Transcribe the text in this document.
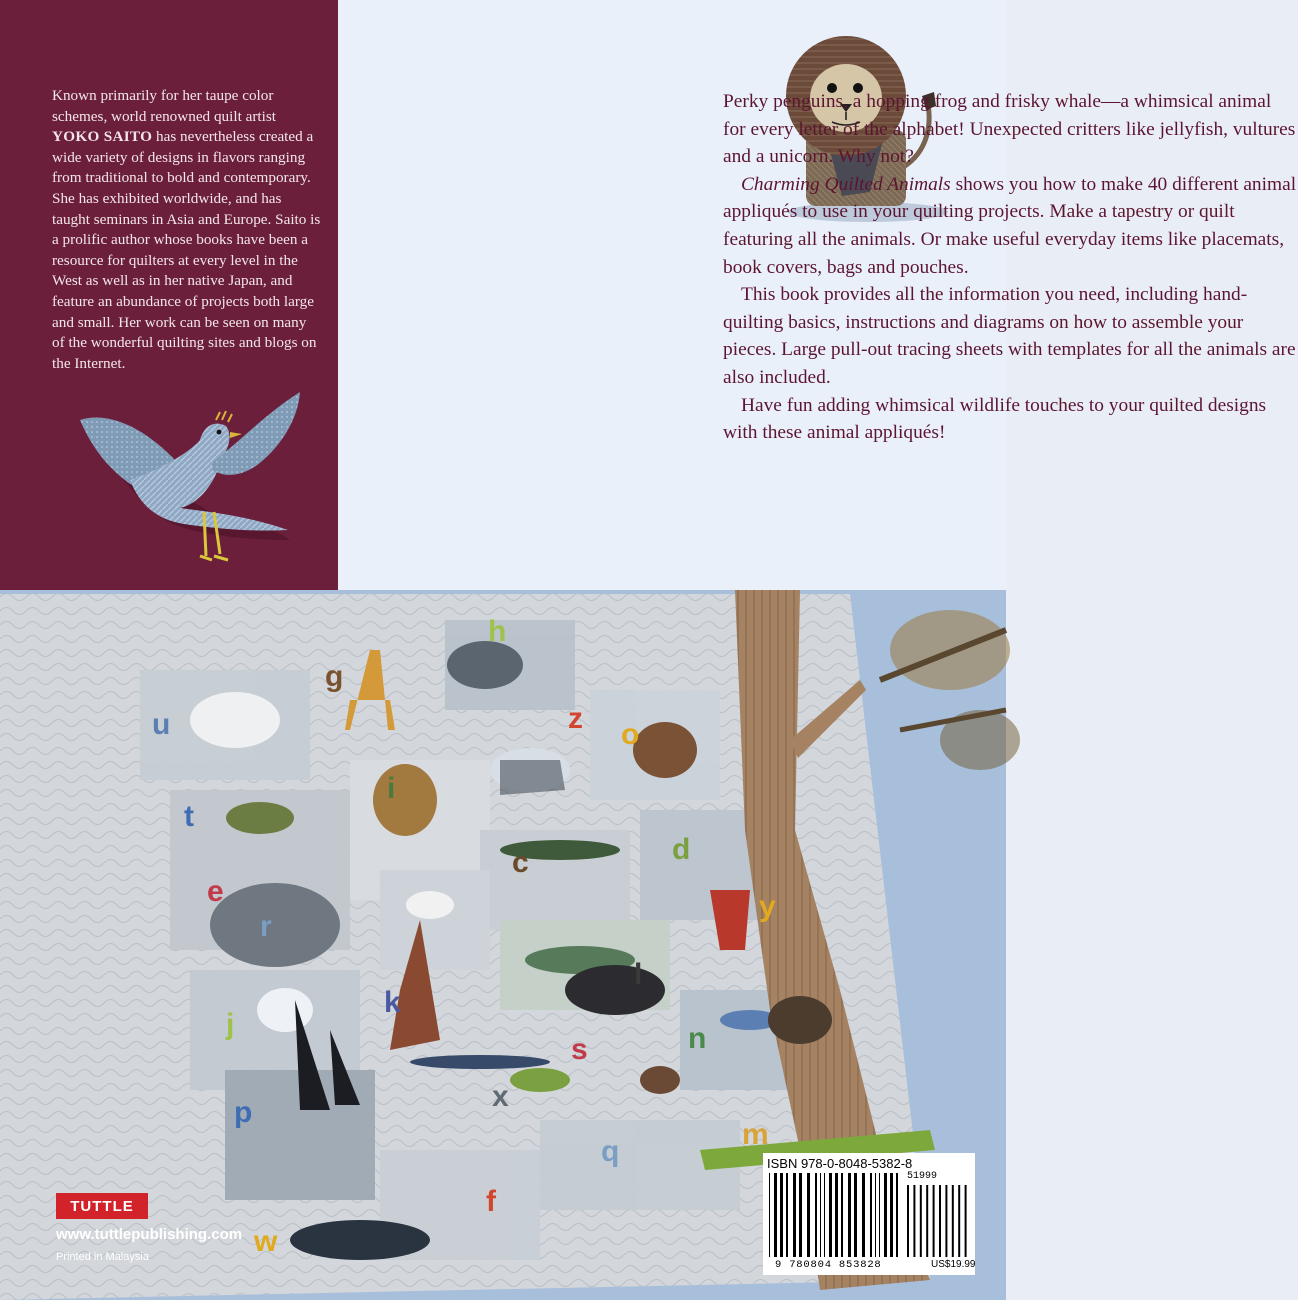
Known primarily for her taupe color schemes, world renowned quilt artist YOKO SAITO has nevertheless created a wide variety of designs in flavors ranging from traditional to bold and contemporary. She has exhibited worldwide, and has taught seminars in Asia and Europe. Saito is a prolific author whose books have been a resource for quilters at every level in the West as well as in her native Japan, and feature an abundance of projects both large and small. Her work can be seen on many of the wonderful quilting sites and blogs on the Internet.

Perky penguins, a hopping frog and frisky whale—a whimsical animal for every letter of the alphabet! Unexpected critters like jellyfish, vultures and a unicorn. Why not?

Charming Quilted Animals shows you how to make 40 different animal appliqués to use in your quilting projects. Make a tapestry or quilt featuring all the animals. Or make useful everyday items like placemats, book covers, bags and pouches.

This book provides all the information you need, including hand-quilting basics, instructions and diagrams on how to assemble your pieces. Large pull-out tracing sheets with templates for all the animals are also included.

Have fun adding whimsical wildlife touches to your quilted designs with these animal appliqués!

h
g
u	z o
i
t
c	d
e
r
y
l
k
j
s	n
x
p
m
f
q
w
TUTTLE
www.tuttlepublishing.com
Printed in Malaysia
ISBN 978-0-8048-5382-8
51999
9 780804 853828	US$19.99
